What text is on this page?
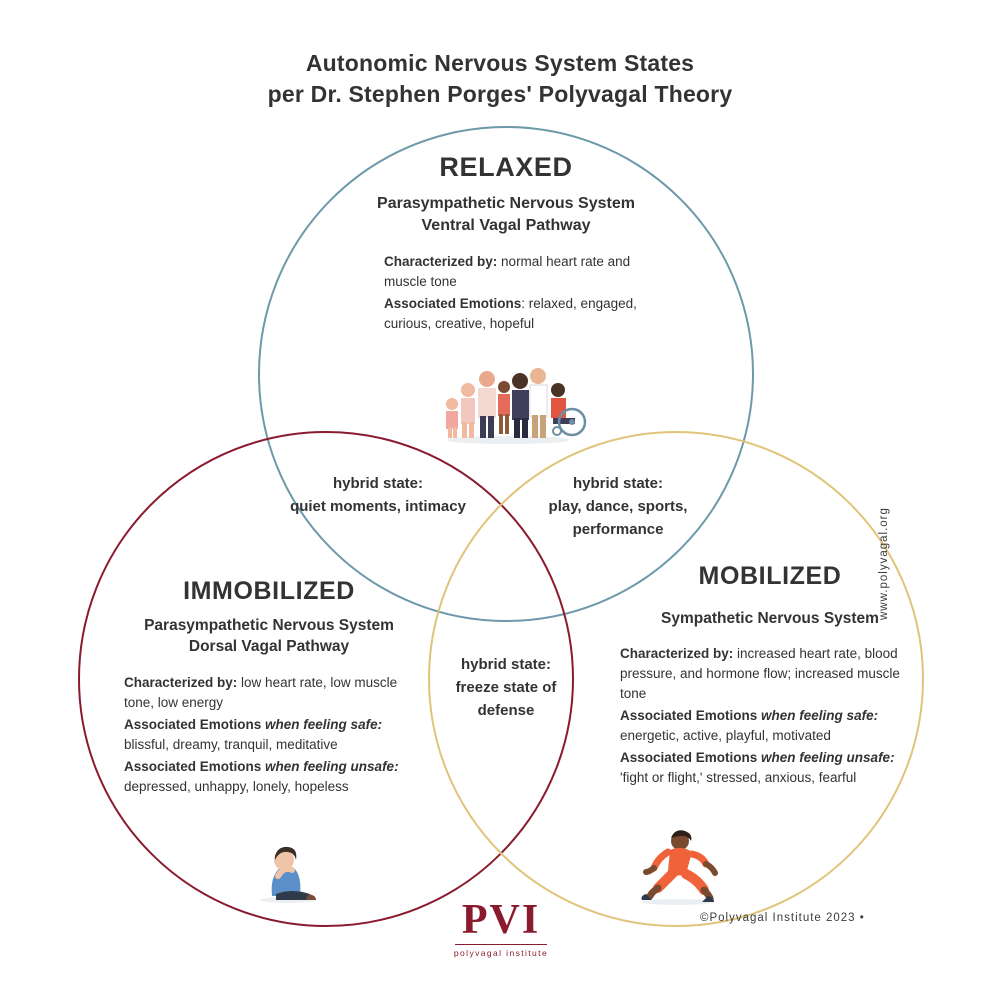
Autonomic Nervous System States
per Dr. Stephen Porges' Polyvagal Theory
RELAXED
Parasympathetic Nervous System
Ventral Vagal Pathway

Characterized by: normal heart rate and muscle tone

Associated Emotions: relaxed, engaged, curious, creative, hopeful

hybrid state:
quiet moments, intimacy
hybrid state:
play, dance, sports, performance
hybrid state:
freeze state of defense
IMMOBILIZED
Parasympathetic Nervous System
Dorsal Vagal Pathway

Characterized by: low heart rate, low muscle tone, low energy

Associated Emotions when feeling safe:
blissful, dreamy, tranquil, meditative

Associated Emotions when feeling unsafe:
depressed, unhappy, lonely, hopeless

MOBILIZED
Sympathetic Nervous System

Characterized by: increased heart rate, blood pressure, and hormone flow; increased muscle tone

Associated Emotions when feeling safe:
energetic, active, playful, motivated

Associated Emotions when feeling unsafe:
'fight or flight,' stressed, anxious, fearful

PVI
polyvagal institute
©Polyvagal Institute 2023 •
www.polyvagal.org
